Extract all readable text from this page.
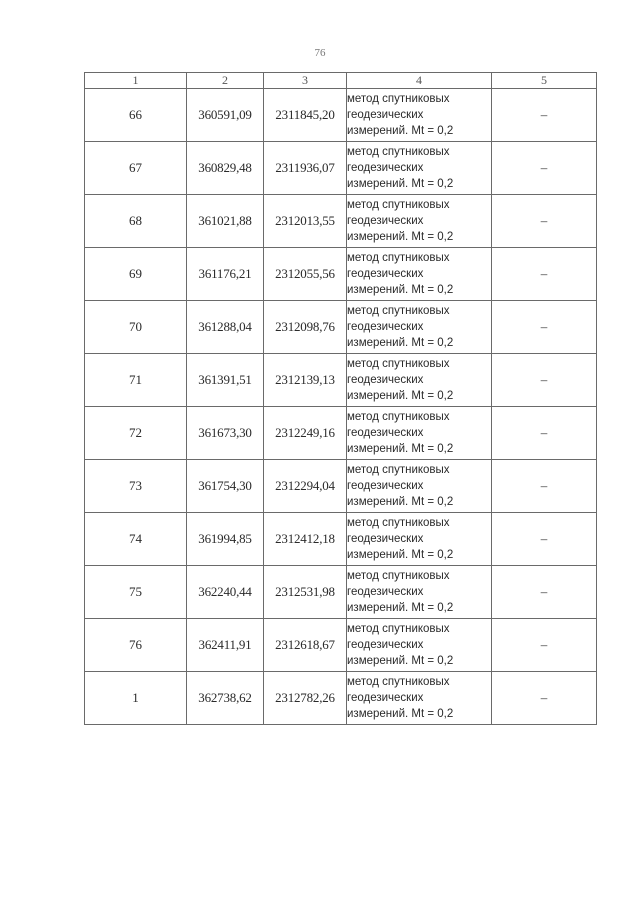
76
1	2	3	4	5
66	360591,09	2311845,20	метод спутниковых
геодезических
измерений. Mt = 0,2	–
67	360829,48	2311936,07	метод спутниковых
геодезических
измерений. Mt = 0,2	–
68	361021,88	2312013,55	метод спутниковых
геодезических
измерений. Mt = 0,2	–
69	361176,21	2312055,56	метод спутниковых
геодезических
измерений. Mt = 0,2	–
70	361288,04	2312098,76	метод спутниковых
геодезических
измерений. Mt = 0,2	–
71	361391,51	2312139,13	метод спутниковых
геодезических
измерений. Mt = 0,2	–
72	361673,30	2312249,16	метод спутниковых
геодезических
измерений. Mt = 0,2	–
73	361754,30	2312294,04	метод спутниковых
геодезических
измерений. Mt = 0,2	–
74	361994,85	2312412,18	метод спутниковых
геодезических
измерений. Mt = 0,2	–
75	362240,44	2312531,98	метод спутниковых
геодезических
измерений. Mt = 0,2	–
76	362411,91	2312618,67	метод спутниковых
геодезических
измерений. Mt = 0,2	–
1	362738,62	2312782,26	метод спутниковых
геодезических
измерений. Mt = 0,2	–
